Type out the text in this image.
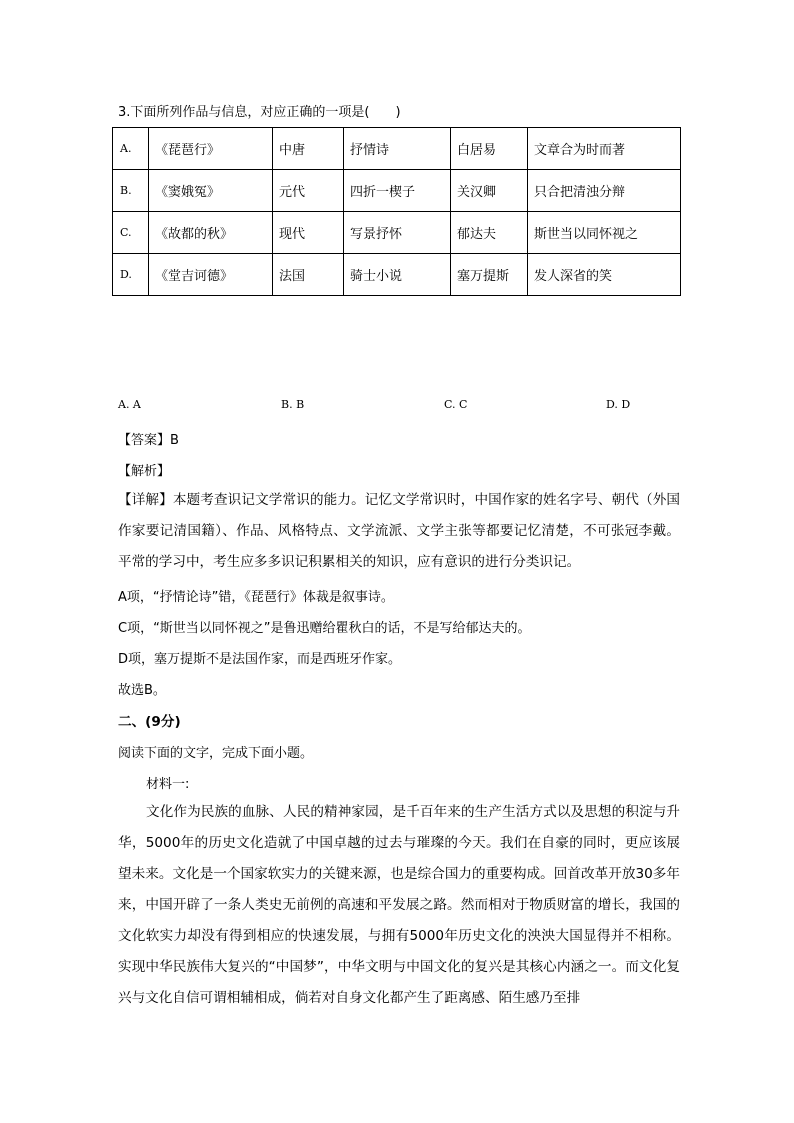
3.下面所列作品与信息，对应正确的一项是(　　)
A.	《琵琶行》	中唐	抒情诗	白居易	文章合为时而著
B.	《窦娥冤》	元代	四折一楔子	关汉卿	只合把清浊分辩
C.	《故都的秋》	现代	写景抒怀	郁达夫	斯世当以同怀视之
D.	《堂吉诃德》	法国	骑士小说	塞万提斯	发人深省的笑
A. A	B. B	C. C	D. D
【答案】B
【解析】
【详解】本题考查识记文学常识的能力。记忆文学常识时，中国作家的姓名字号、朝代（外国作家要记清国籍）、作品、风格特点、文学流派、文学主张等都要记忆清楚，不可张冠李戴。平常的学习中，考生应多多识记积累相关的知识，应有意识的进行分类识记。
A项，“抒情论诗”错，《琵琶行》体裁是叙事诗。
C项，“斯世当以同怀视之”是鲁迅赠给瞿秋白的话，不是写给郁达夫的。
D项，塞万提斯不是法国作家，而是西班牙作家。
故选B。
二、(9分)
阅读下面的文字，完成下面小题。
材料一:
文化作为民族的血脉、人民的精神家园，是千百年来的生产生活方式以及思想的积淀与升华，5000年的历史文化造就了中国卓越的过去与璀璨的今天。我们在自豪的同时，更应该展望未来。文化是一个国家软实力的关键来源，也是综合国力的重要构成。回首改革开放30多年来，中国开辟了一条人类史无前例的高速和平发展之路。然而相对于物质财富的增长，我国的文化软实力却没有得到相应的快速发展，与拥有5000年历史文化的泱泱大国显得并不相称。实现中华民族伟大复兴的“中国梦”，中华文明与中国文化的复兴是其核心内涵之一。而文化复兴与文化自信可谓相辅相成，倘若对自身文化都产生了距离感、陌生感乃至排
